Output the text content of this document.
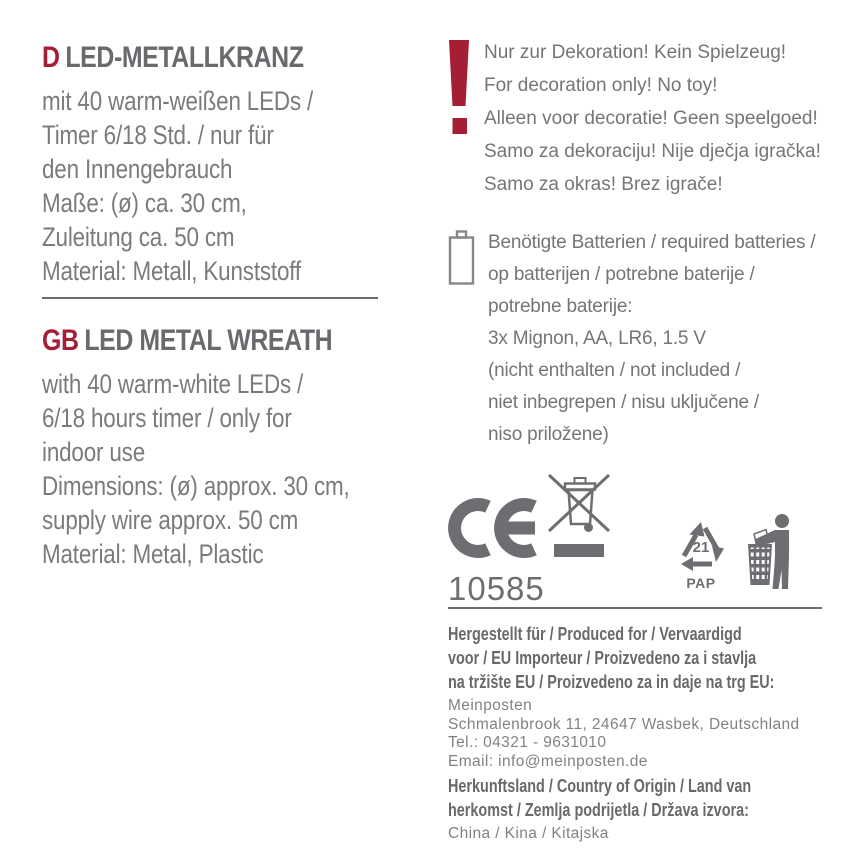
D LED-METALLKRANZ
mit 40 warm-weißen LEDs /
Timer 6/18 Std. / nur für
den Innengebrauch
Maße: (ø) ca. 30 cm,
Zuleitung ca. 50 cm
Material: Metall, Kunststoff
GB LED METAL WREATH
with 40 warm-white LEDs /
6/18 hours timer / only for
indoor use
Dimensions: (ø) approx. 30 cm,
supply wire approx. 50 cm
Material: Metal, Plastic
Nur zur Dekoration! Kein Spielzeug!
For decoration only! No toy!
Alleen voor decoratie! Geen speelgoed!
Samo za dekoraciju! Nije dječja igračka!
Samo za okras! Brez igrače!
Benötigte Batterien / required batteries /
op batterijen / potrebne baterije /
potrebne baterije:
3x Mignon, AA, LR6, 1.5 V
(nicht enthalten / not included /
niet inbegrepen / nisu uključene /
niso priložene)
10585
21
PAP
Hergestellt für / Produced for / Vervaardigd
voor / EU Importeur / Proizvedeno za i stavlja
na tržište EU / Proizvedeno za in daje na trg EU:
Meinposten
Schmalenbrook 11, 24647 Wasbek, Deutschland
Tel.: 04321 - 9631010
Email: info@meinposten.de
Herkunftsland / Country of Origin / Land van
herkomst / Zemlja podrijetla / Država izvora:
China / Kina / Kitajska
